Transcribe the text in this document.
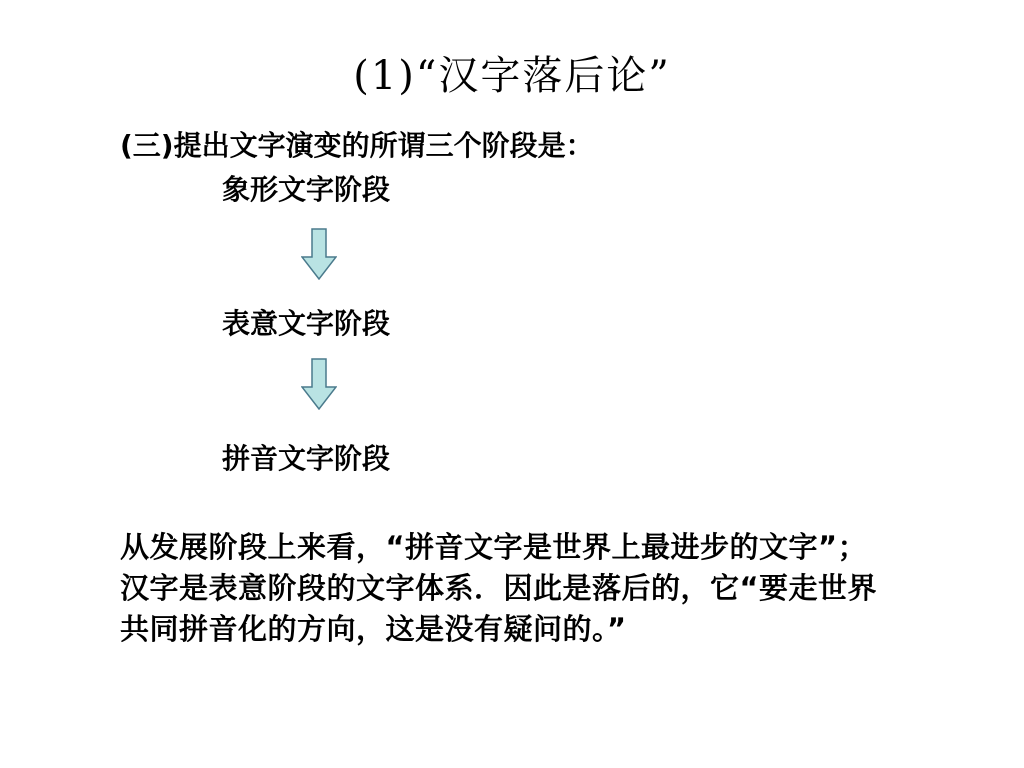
(1)“汉字落后论”
(三)提出文字演变的所谓三个阶段是：
象形文字阶段
表意文字阶段
拼音文字阶段
从发展阶段上来看，“拼音文字是世界上最进步的文字”；汉字是表意阶段的文字体系．因此是落后的，它“要走世界共同拼音化的方向，这是没有疑问的。”
